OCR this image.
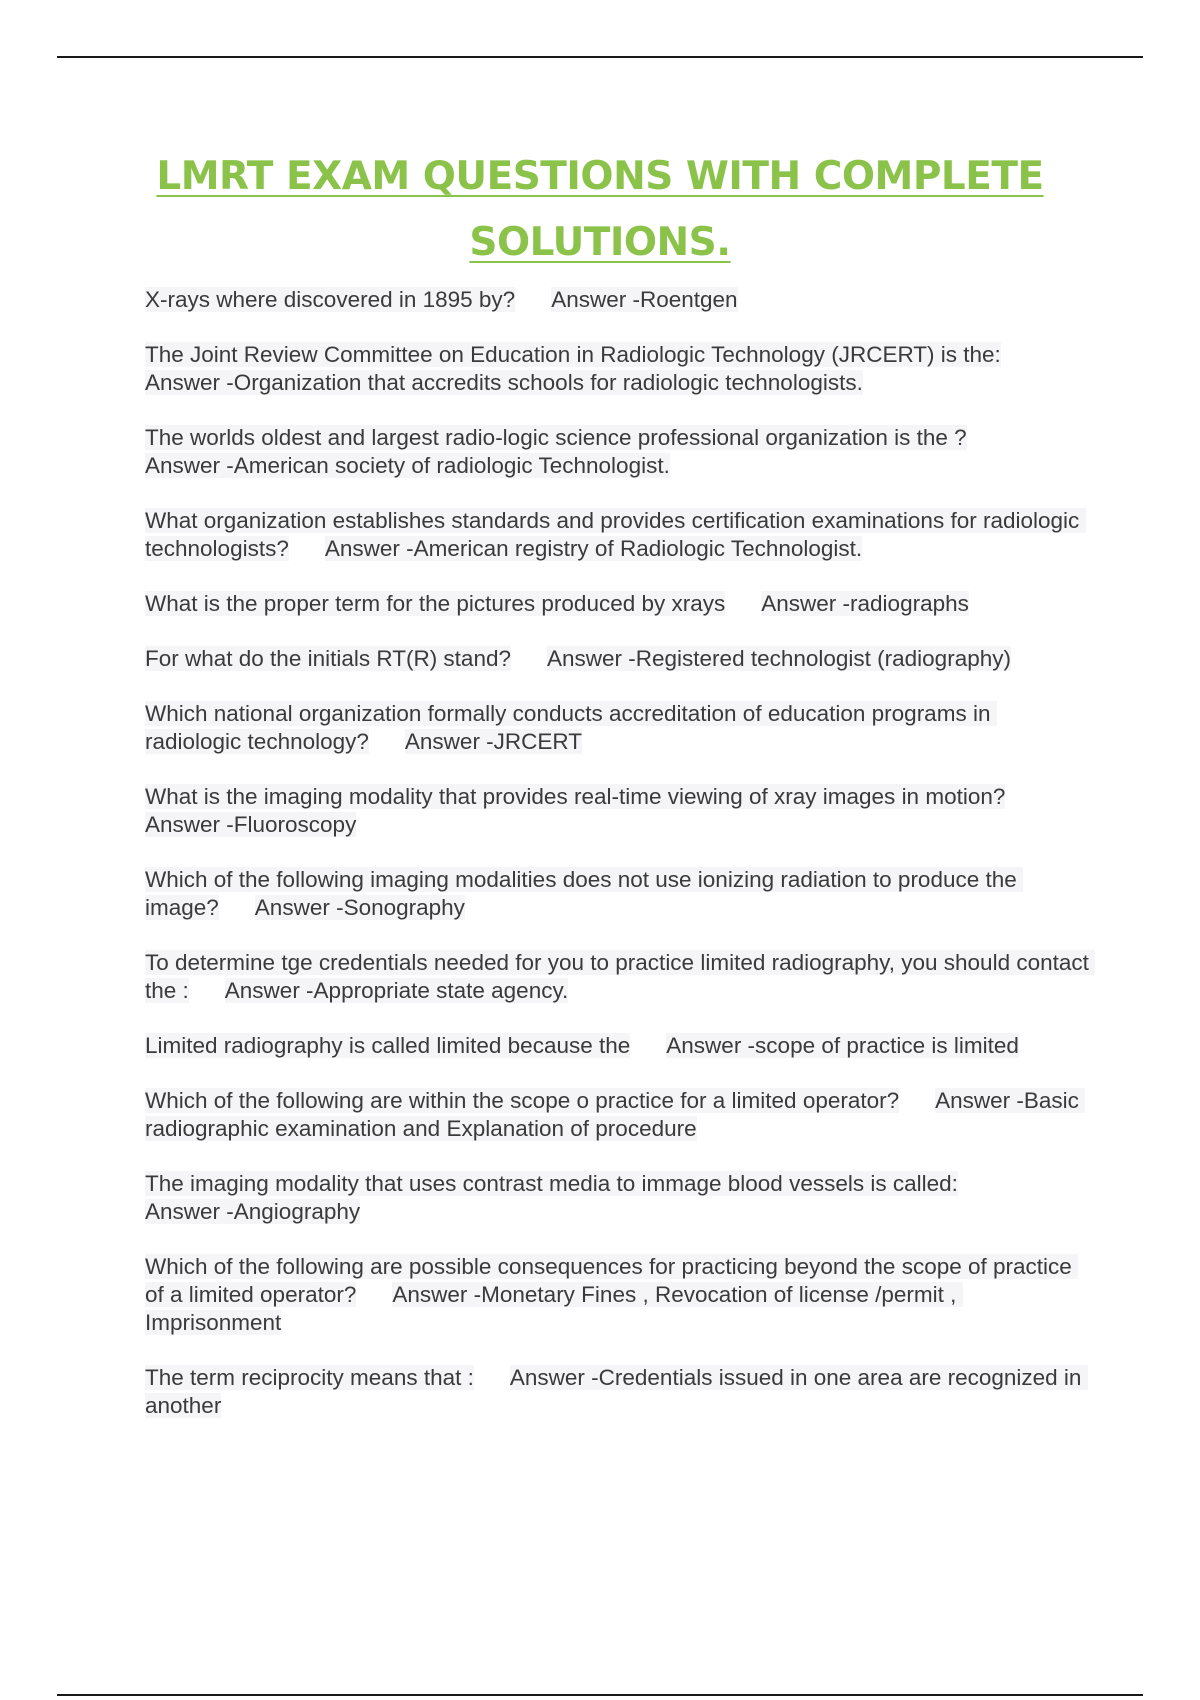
LMRT EXAM QUESTIONS WITH COMPLETE
SOLUTIONS.

X-rays where discovered in 1895 by? Answer -Roentgen

The Joint Review Committee on Education in Radiologic Technology (JRCERT) is the:
Answer -Organization that accredits schools for radiologic technologists.

The worlds oldest and largest radio-logic science professional organization is the ?
Answer -American society of radiologic Technologist.

What organization establishes standards and provides certification examinations for radiologic technologists? Answer -American registry of Radiologic Technologist.

What is the proper term for the pictures produced by xrays Answer -radiographs

For what do the initials RT(R) stand? Answer -Registered technologist (radiography)

Which national organization formally conducts accreditation of education programs in radiologic technology? Answer -JRCERT

What is the imaging modality that provides real-time viewing of xray images in motion?
Answer -Fluoroscopy

Which of the following imaging modalities does not use ionizing radiation to produce the image? Answer -Sonography

To determine tge credentials needed for you to practice limited radiography, you should contact the : Answer -Appropriate state agency.

Limited radiography is called limited because the Answer -scope of practice is limited

Which of the following are within the scope o practice for a limited operator? Answer -Basic radiographic examination and Explanation of procedure

The imaging modality that uses contrast media to immage blood vessels is called:
Answer -Angiography

Which of the following are possible consequences for practicing beyond the scope of practice of a limited operator? Answer -Monetary Fines , Revocation of license /permit , Imprisonment

The term reciprocity means that : Answer -Credentials issued in one area are recognized in another
